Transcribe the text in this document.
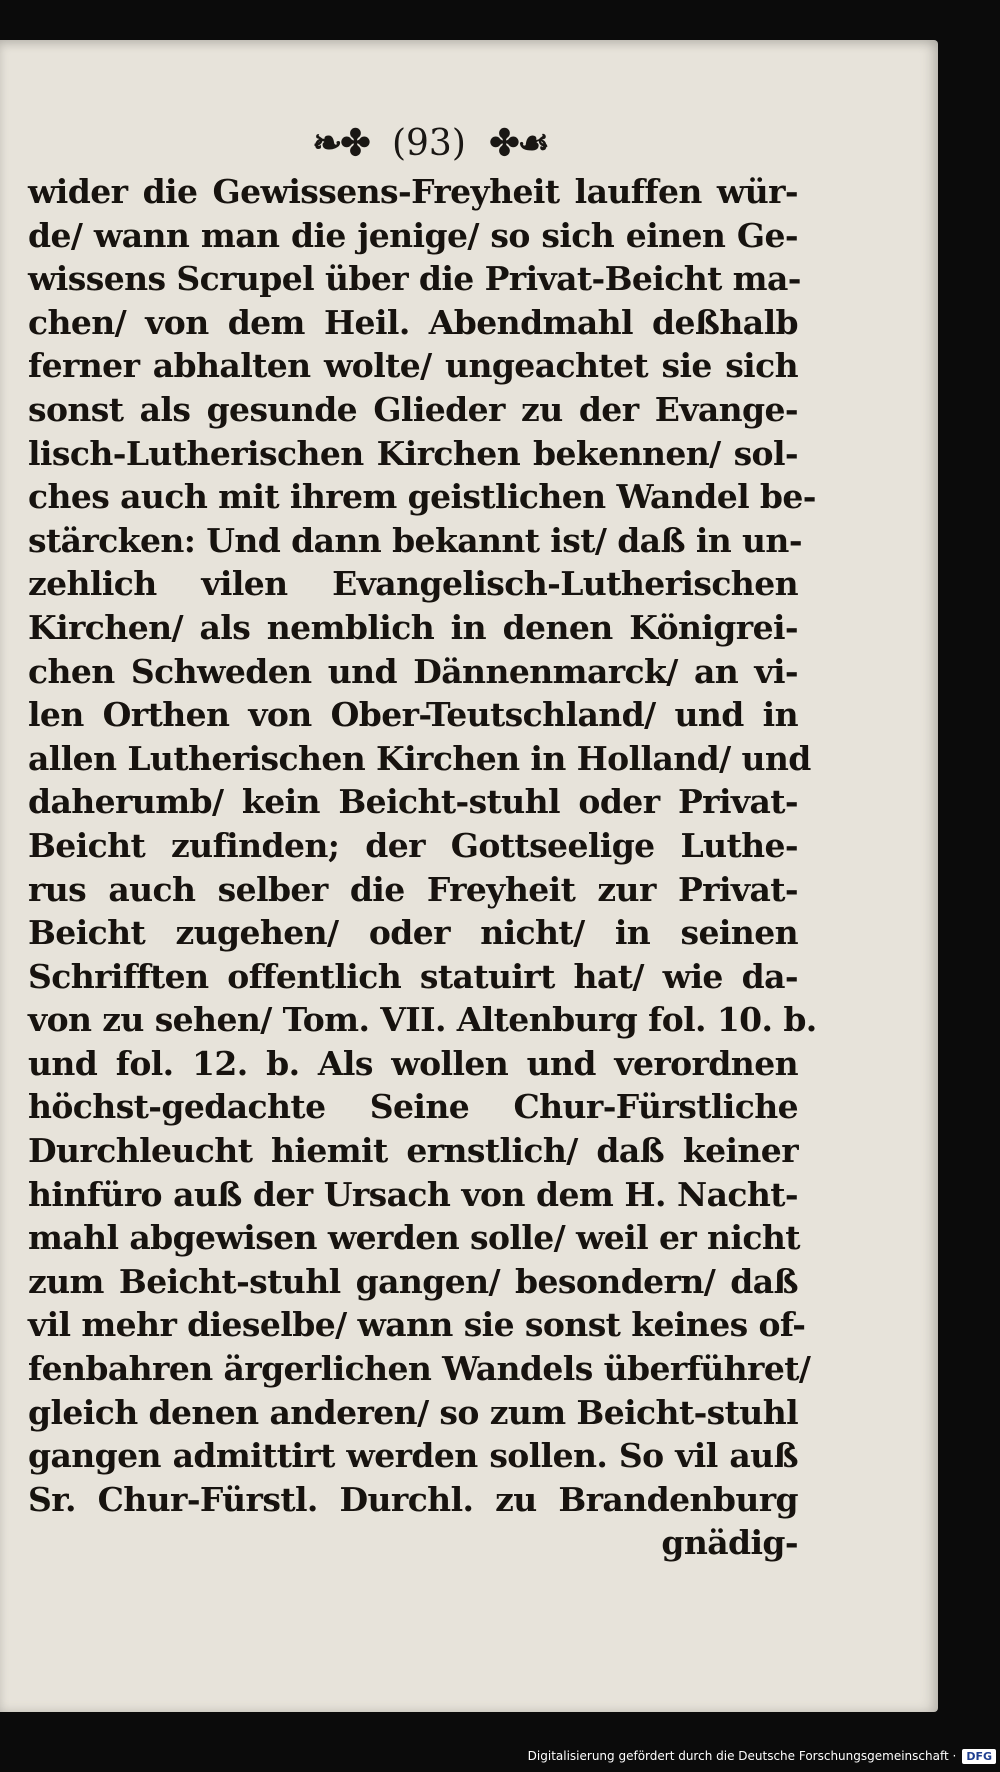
❧✤ (93) ✤☙
wider die Gewissens-Freyheit lauffen wür-
de/ wann man die jenige/ so sich einen Ge-
wissens Scrupel über die Privat-Beicht ma-
chen/ von dem Heil. Abendmahl deßhalb
ferner abhalten wolte/ ungeachtet sie sich
sonst als gesunde Glieder zu der Evange-
lisch-Lutherischen Kirchen bekennen/ sol-
ches auch mit ihrem geistlichen Wandel be-
stärcken: Und dann bekannt ist/ daß in un-
zehlich vilen Evangelisch-Lutherischen
Kirchen/ als nemblich in denen Königrei-
chen Schweden und Dännenmarck/ an vi-
len Orthen von Ober-Teutschland/ und in
allen Lutherischen Kirchen in Holland/ und
daherumb/ kein Beicht-stuhl oder Privat-
Beicht zufinden; der Gottseelige Luthe-
rus auch selber die Freyheit zur Privat-
Beicht zugehen/ oder nicht/ in seinen
Schrifften offentlich statuirt hat/ wie da-
von zu sehen/ Tom. VII. Altenburg fol. 10. b.
und fol. 12. b. Als wollen und verordnen
höchst-gedachte Seine Chur-Fürstliche
Durchleucht hiemit ernstlich/ daß keiner
hinfüro auß der Ursach von dem H. Nacht-
mahl abgewisen werden solle/ weil er nicht
zum Beicht-stuhl gangen/ besondern/ daß
vil mehr dieselbe/ wann sie sonst keines of-
fenbahren ärgerlichen Wandels überführet/
gleich denen anderen/ so zum Beicht-stuhl
gangen admittirt werden sollen. So vil auß
Sr. Chur-Fürstl. Durchl. zu Brandenburg
gnädig-
Digitalisierung gefördert durch die Deutsche Forschungsgemeinschaft · DFG
